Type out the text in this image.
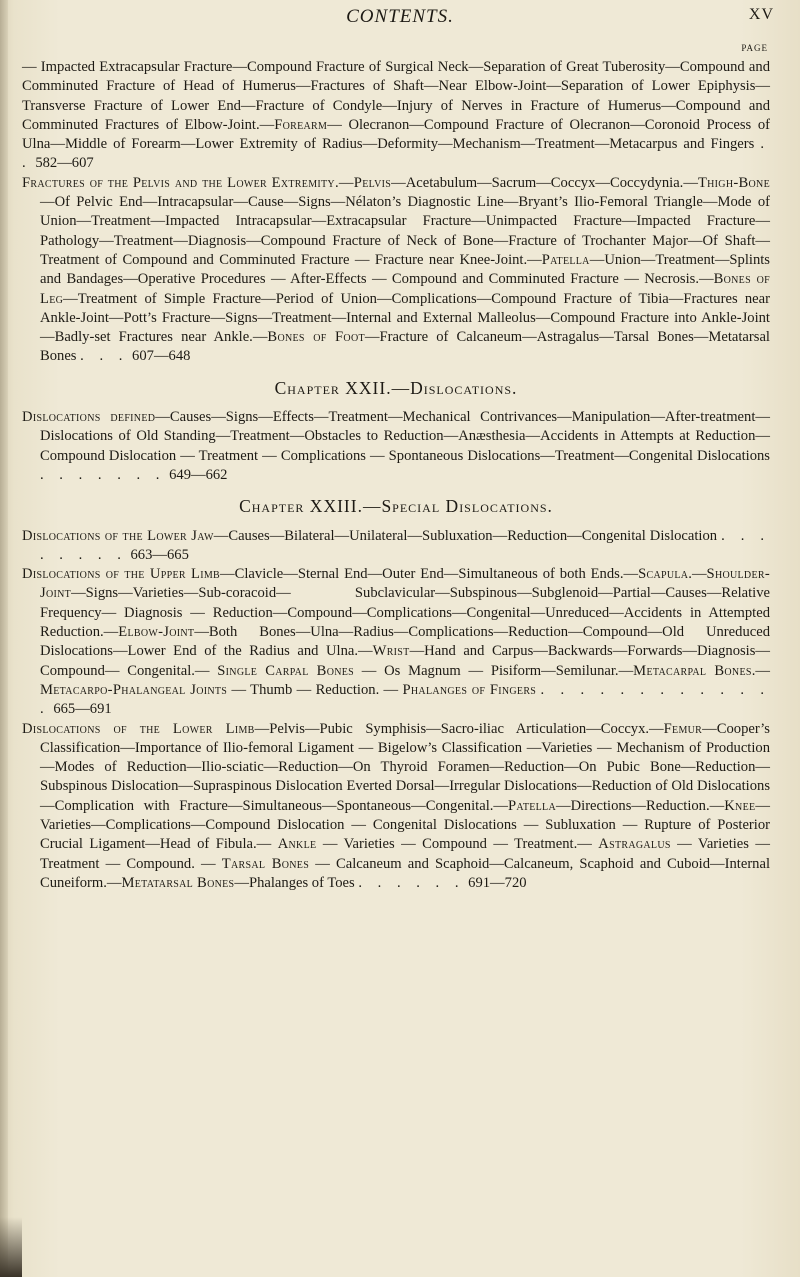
CONTENTS.	XV
PAGE

— Impacted Extracapsular Fracture—Compound Fracture of Surgical Neck—Separation of Great Tuberosity—Compound and Comminuted Fracture of Head of Humerus—Fractures of Shaft—Near Elbow-Joint—Separation of Lower Epiphysis—Transverse Fracture of Lower End—Fracture of Condyle—Injury of Nerves in Fracture of Humerus—Compound and Comminuted Fractures of Elbow-Joint.—Forearm— Olecranon—Compound Fracture of Olecranon—Coronoid Process of Ulna—Middle of Forearm—Lower Extremity of Radius—Deformity—Mechanism—Treatment—Metacarpus and Fingers . . 582—607

Fractures of the Pelvis and the Lower Extremity.—Pelvis—Acetabulum—Sacrum—Coccyx—Coccydynia.—Thigh-Bone—Of Pelvic End—Intracapsular—Cause—Signs—Nélaton’s Diagnostic Line—Bryant’s Ilio-Femoral Triangle—Mode of Union—Treatment—Impacted Intracapsular—Extracapsular Fracture—Unimpacted Fracture—Impacted Fracture—Pathology—Treatment—Diagnosis—Compound Fracture of Neck of Bone—Fracture of Trochanter Major—Of Shaft—Treatment of Compound and Comminuted Fracture — Fracture near Knee-Joint.—Patella—Union—Treatment—Splints and Bandages—Operative Procedures — After-Effects — Compound and Comminuted Fracture — Necrosis.—Bones of Leg—Treatment of Simple Fracture—Period of Union—Complications—Compound Fracture of Tibia—Fractures near Ankle-Joint—Pott’s Fracture—Signs—Treatment—Internal and External Malleolus—Compound Fracture into Ankle-Joint—Badly-set Fractures near Ankle.—Bones of Foot—Fracture of Calcaneum—Astragalus—Tarsal Bones—Metatarsal Bones . . . 607—648

Chapter XXII.—Dislocations.

Dislocations defined—Causes—Signs—Effects—Treatment—Mechanical Contrivances—Manipulation—After-treatment—Dislocations of Old Standing—Treatment—Obstacles to Reduction—Anæsthesia—Accidents in Attempts at Reduction—Compound Dislocation — Treatment — Complications — Spontaneous Dislocations—Treatment—Congenital Dislocations . . . . . . . 649—662

Chapter XXIII.—Special Dislocations.

Dislocations of the Lower Jaw—Causes—Bilateral—Unilateral—Subluxation—Reduction—Congenital Dislocation . . . . . . . . 663—665

Dislocations of the Upper Limb—Clavicle—Sternal End—Outer End—Simultaneous of both Ends.—Scapula.—Shoulder-Joint—Signs—Varieties—Sub-coracoid— Subclavicular—Subspinous—Subglenoid—Partial—Causes—Relative Frequency— Diagnosis — Reduction—Compound—Complications—Congenital—Unreduced—Accidents in Attempted Reduction.—Elbow-Joint—Both Bones—Ulna—Radius—Complications—Reduction—Compound—Old Unreduced Dislocations—Lower End of the Radius and Ulna.—Wrist—Hand and Carpus—Backwards—Forwards—Diagnosis—Compound— Congenital.— Single Carpal Bones — Os Magnum — Pisiform—Semilunar.—Metacarpal Bones.—Metacarpo-Phalangeal Joints — Thumb — Reduction. — Phalanges of Fingers . . . . . . . . . . . . . 665—691

Dislocations of the Lower Limb—Pelvis—Pubic Symphisis—Sacro-iliac Articulation—Coccyx.—Femur—Cooper’s Classification—Importance of Ilio-femoral Ligament — Bigelow’s Classification —Varieties — Mechanism of Production—Modes of Reduction—Ilio-sciatic—Reduction—On Thyroid Foramen—Reduction—On Pubic Bone—Reduction—Subspinous Dislocation—Supraspinous Dislocation Everted Dorsal—Irregular Dislocations—Reduction of Old Dislocations—Complication with Fracture—Simultaneous—Spontaneous—Congenital.—Patella—Directions—Reduction.—Knee—Varieties—Complications—Compound Dislocation — Congenital Dislocations — Subluxation — Rupture of Posterior Crucial Ligament—Head of Fibula.— Ankle — Varieties — Compound — Treatment.— Astragalus — Varieties — Treatment — Compound. — Tarsal Bones — Calcaneum and Scaphoid—Calcaneum, Scaphoid and Cuboid—Internal Cuneiform.—Metatarsal Bones—Phalanges of Toes . . . . . . 691—720
